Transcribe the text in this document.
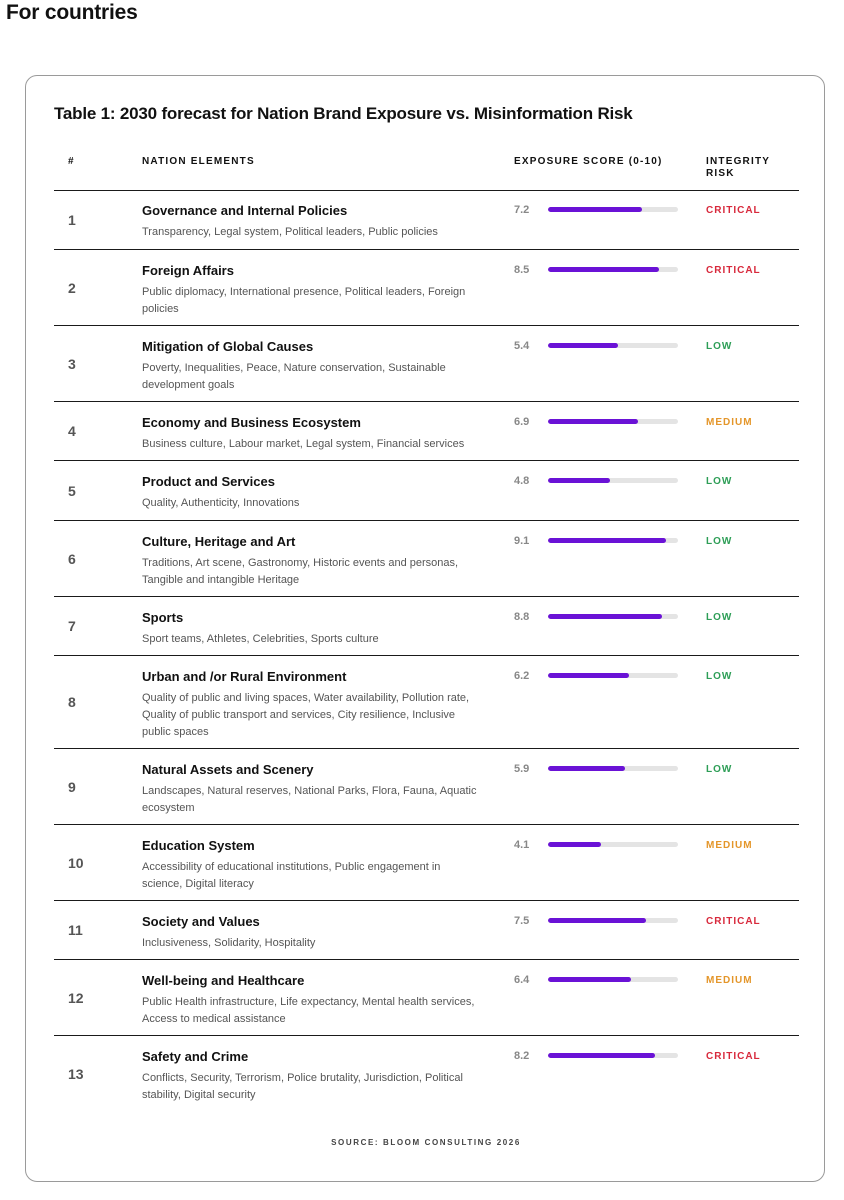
For countries
Table 1: 2030 forecast for Nation Brand Exposure vs. Misinformation Risk
#	NATION ELEMENTS	EXPOSURE SCORE (0-10)	INTEGRITY RISK
1
Governance and Internal Policies
Transparency, Legal system, Political leaders, Public policies
7.2	CRITICAL
2
Foreign Affairs
Public diplomacy, International presence, Political leaders, Foreign policies
8.5	CRITICAL
3
Mitigation of Global Causes
Poverty, Inequalities, Peace, Nature conservation, Sustainable development goals
5.4	LOW
4
Economy and Business Ecosystem
Business culture, Labour market, Legal system, Financial services
6.9	MEDIUM
5
Product and Services
Quality, Authenticity, Innovations
4.8	LOW
6
Culture, Heritage and Art
Traditions, Art scene, Gastronomy, Historic events and personas, Tangible and intangible Heritage
9.1	LOW
7
Sports
Sport teams, Athletes, Celebrities, Sports culture
8.8	LOW
8
Urban and /or Rural Environment
Quality of public and living spaces, Water availability, Pollution rate, Quality of public transport and services, City resilience, Inclusive public spaces
6.2	LOW
9
Natural Assets and Scenery
Landscapes, Natural reserves, National Parks, Flora, Fauna, Aquatic ecosystem
5.9	LOW
10
Education System
Accessibility of educational institutions, Public engagement in science, Digital literacy
4.1	MEDIUM
11
Society and Values
Inclusiveness, Solidarity, Hospitality
7.5	CRITICAL
12
Well-being and Healthcare
Public Health infrastructure, Life expectancy, Mental health services, Access to medical assistance
6.4	MEDIUM
13
Safety and Crime
Conflicts, Security, Terrorism, Police brutality, Jurisdiction, Political stability, Digital security
8.2	CRITICAL
SOURCE: BLOOM CONSULTING 2026
